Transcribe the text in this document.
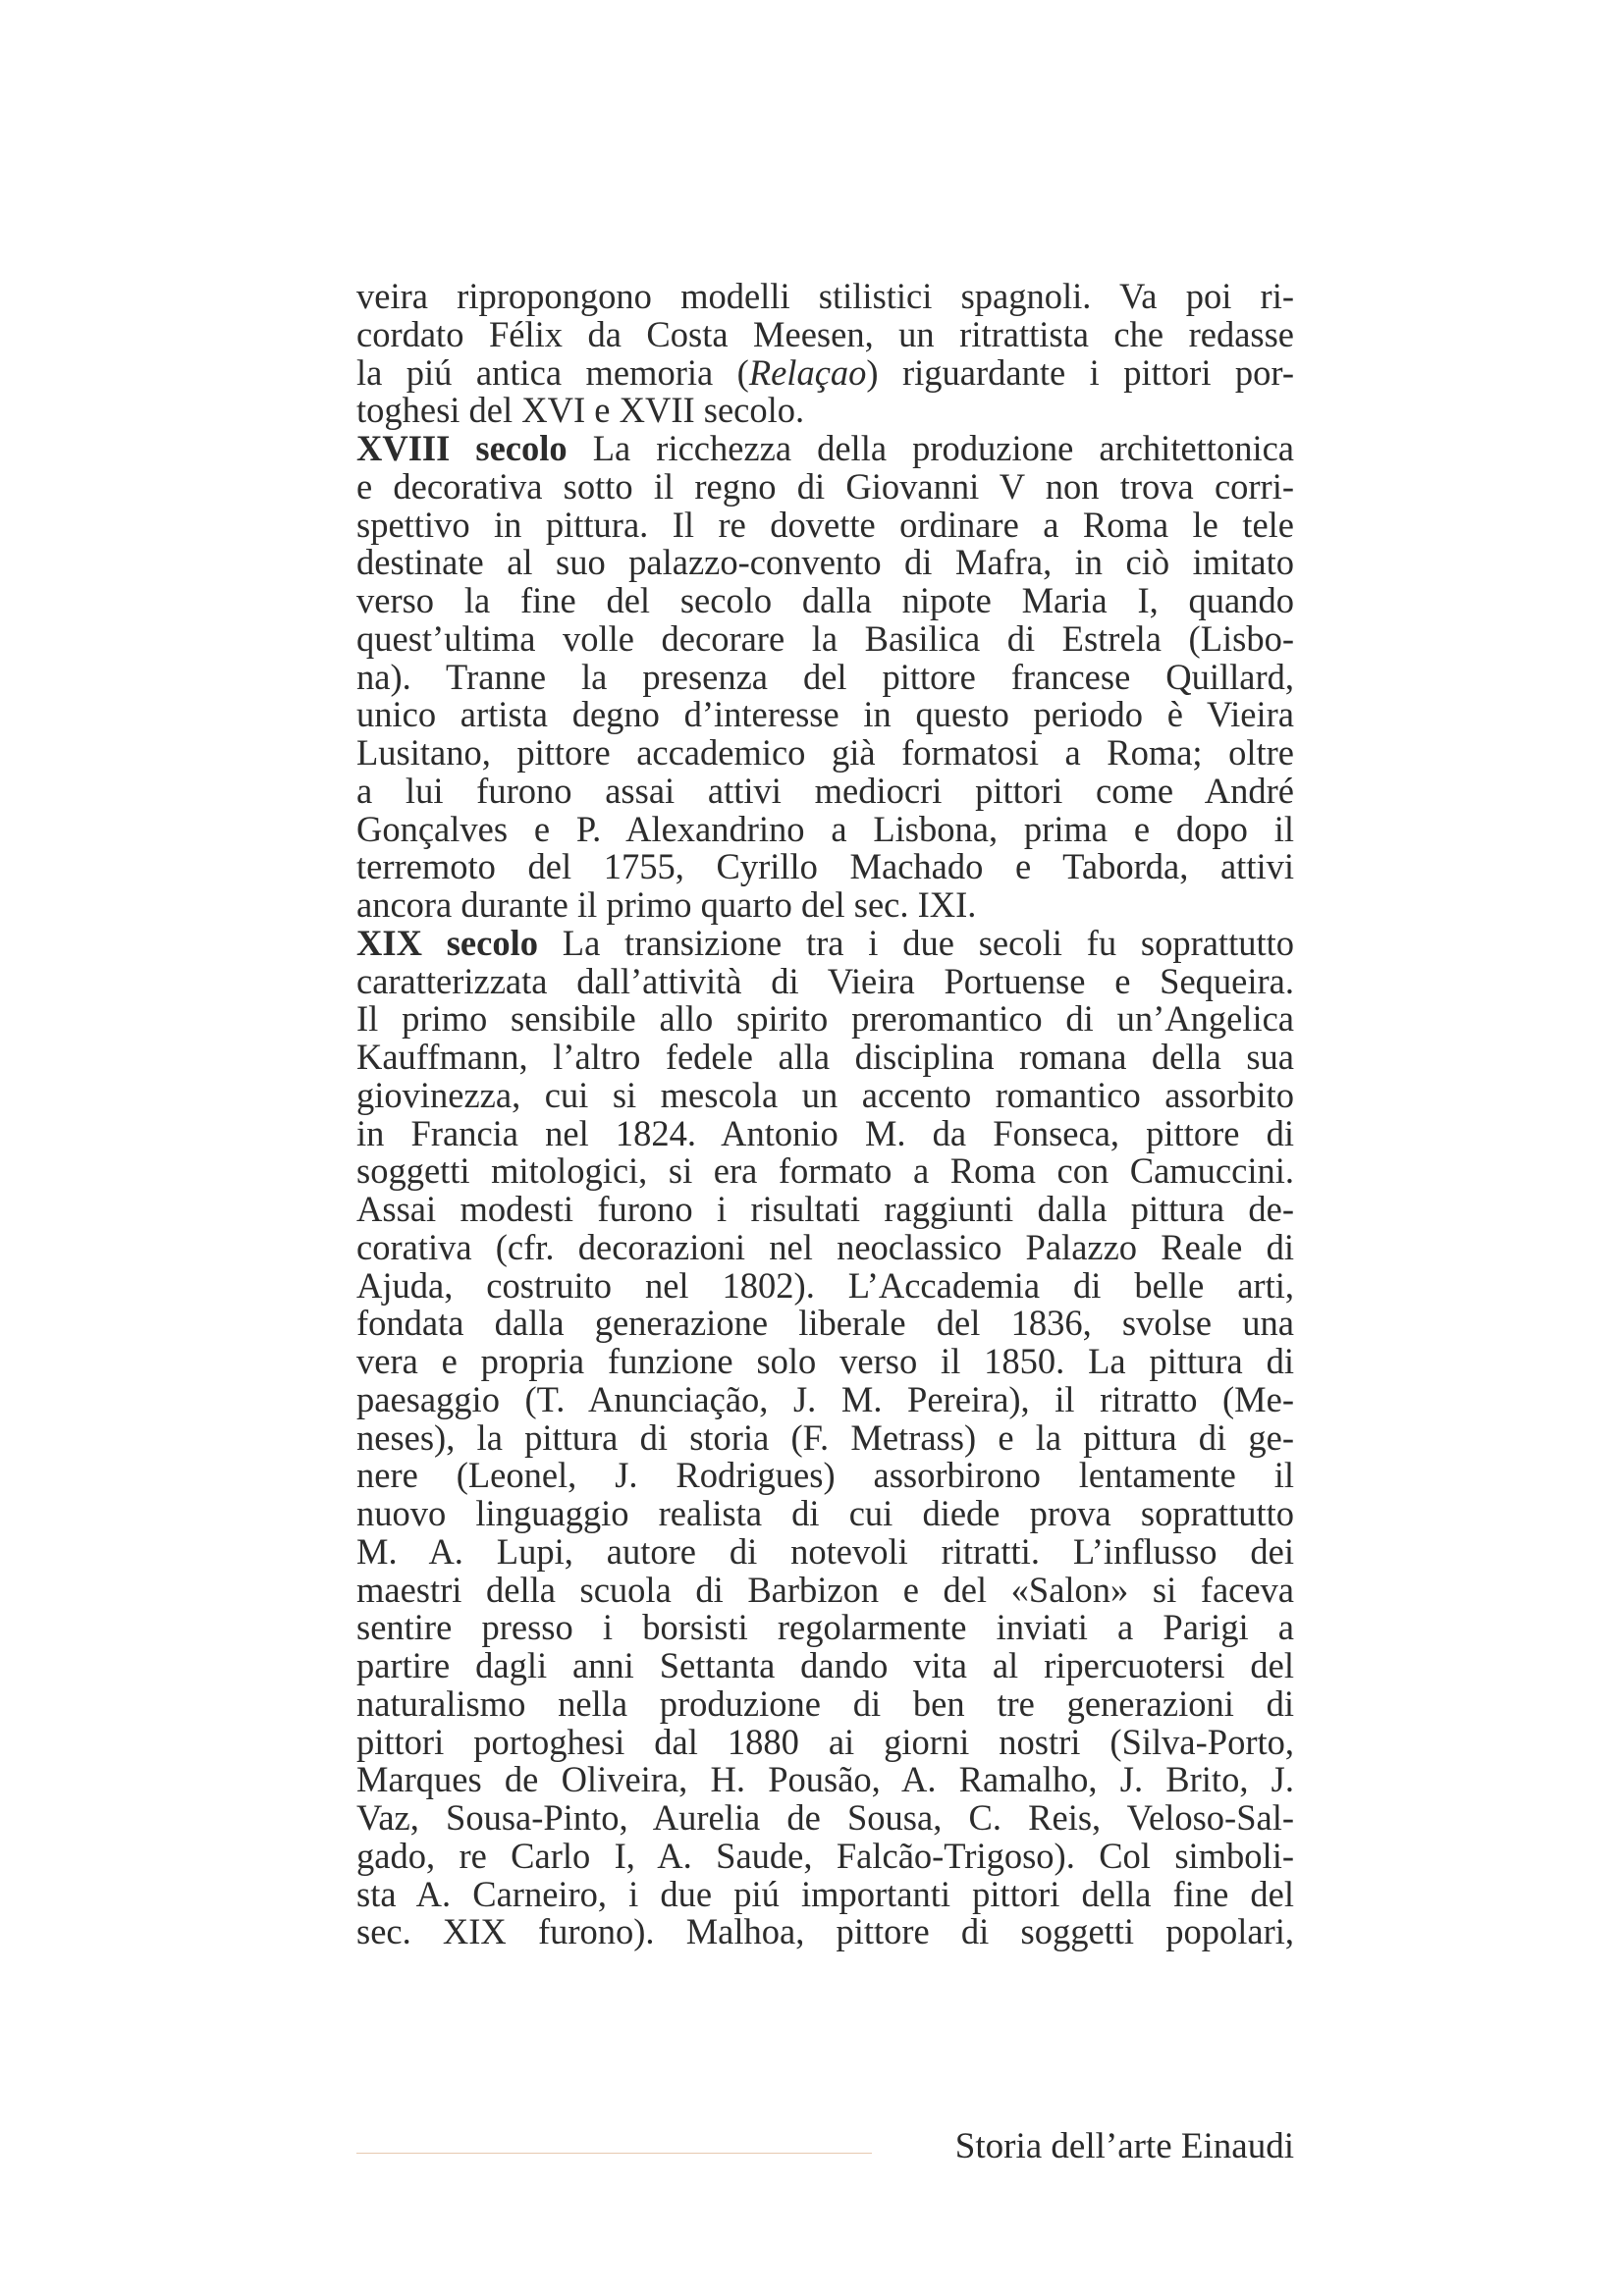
veira ripropongono modelli stilistici spagnoli. Va poi ri-
cordato Félix da Costa Meesen, un ritrattista che redasse
la piú antica memoria (Relaçao) riguardante i pittori por-
toghesi del XVI e XVII secolo.
XVIII secolo La ricchezza della produzione architettonica
e decorativa sotto il regno di Giovanni V non trova corri-
spettivo in pittura. Il re dovette ordinare a Roma le tele
destinate al suo palazzo-convento di Mafra, in ciò imitato
verso la fine del secolo dalla nipote Maria I, quando
quest’ultima volle decorare la Basilica di Estrela (Lisbo-
na). Tranne la presenza del pittore francese Quillard,
unico artista degno d’interesse in questo periodo è Vieira
Lusitano, pittore accademico già formatosi a Roma; oltre
a lui furono assai attivi mediocri pittori come André
Gonçalves e P. Alexandrino a Lisbona, prima e dopo il
terremoto del 1755, Cyrillo Machado e Taborda, attivi
ancora durante il primo quarto del sec. IXI.
XIX secolo La transizione tra i due secoli fu soprattutto
caratterizzata dall’attività di Vieira Portuense e Sequeira.
Il primo sensibile allo spirito preromantico di un’Angelica
Kauffmann, l’altro fedele alla disciplina romana della sua
giovinezza, cui si mescola un accento romantico assorbito
in Francia nel 1824. Antonio M. da Fonseca, pittore di
soggetti mitologici, si era formato a Roma con Camuccini.
Assai modesti furono i risultati raggiunti dalla pittura de-
corativa (cfr. decorazioni nel neoclassico Palazzo Reale di
Ajuda, costruito nel 1802). L’Accademia di belle arti,
fondata dalla generazione liberale del 1836, svolse una
vera e propria funzione solo verso il 1850. La pittura di
paesaggio (T. Anunciação, J. M. Pereira), il ritratto (Me-
neses), la pittura di storia (F. Metrass) e la pittura di ge-
nere (Leonel, J. Rodrigues) assorbirono lentamente il
nuovo linguaggio realista di cui diede prova soprattutto
M. A. Lupi, autore di notevoli ritratti. L’influsso dei
maestri della scuola di Barbizon e del «Salon» si faceva
sentire presso i borsisti regolarmente inviati a Parigi a
partire dagli anni Settanta dando vita al ripercuotersi del
naturalismo nella produzione di ben tre generazioni di
pittori portoghesi dal 1880 ai giorni nostri (Silva-Porto,
Marques de Oliveira, H. Pousão, A. Ramalho, J. Brito, J.
Vaz, Sousa-Pinto, Aurelia de Sousa, C. Reis, Veloso-Sal-
gado, re Carlo I, A. Saude, Falcão-Trigoso). Col simboli-
sta A. Carneiro, i due piú importanti pittori della fine del
sec. XIX furono). Malhoa, pittore di soggetti popolari,
Storia dell’arte Einaudi
